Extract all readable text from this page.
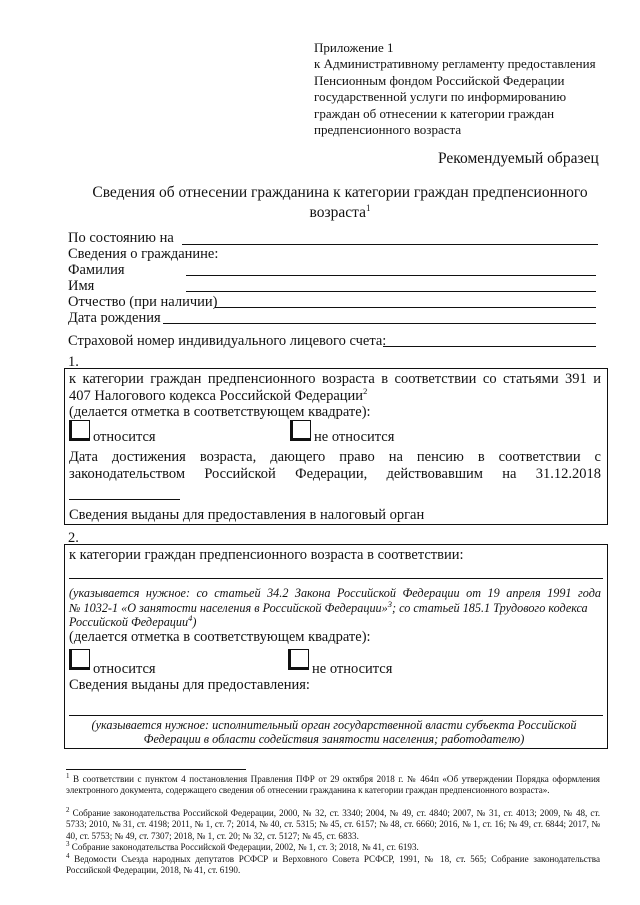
Приложение 1
к Административному регламенту предоставления
Пенсионным фондом Российской Федерации
государственной услуги по информированию
граждан об отнесении к категории граждан
предпенсионного возраста
Рекомендуемый образец
Сведения об отнесении гражданина к категории граждан предпенсионного
возраста$^1$
По состоянию на
Сведения о гражданине:
Фамилия
Имя
Отчество (при наличии)
Дата рождения
Страховой номер индивидуального лицевого счета:
1.
к категории граждан предпенсионного возраста в соответствии со статьями 391 и
407 Налогового кодекса Российской Федерации$^2$
(делается отметка в соответствующем квадрате):
относится	не относится
Дата достижения возраста, дающего право на пенсию в соответствии с
законодательством Российской Федерации, действовавшим на 31.12.2018
Сведения выданы для предоставления в налоговый орган
2.
к категории граждан предпенсионного возраста в соответствии:
(указывается нужное: со статьей 34.2 Закона Российской Федерации от 19 апреля 1991 года
№ 1032-1 «О занятости населения в Российской Федерации»$^3$; со статьей 185.1 Трудового кодекса
Российской Федерации$^4$)
(делается отметка в соответствующем квадрате):
относится	не относится
Сведения выданы для предоставления:
(указывается нужное: исполнительный орган государственной власти субъекта Российской
Федерации в области содействия занятости населения; работодателю)
$^1$ В соответствии с пунктом 4 постановления Правления ПФР от 29 октября 2018 г. № 464п «Об утверждении Порядка оформления электронного документа, содержащего сведения об отнесении гражданина к категории граждан предпенсионного возраста».
$^2$ Собрание законодательства Российской Федерации, 2000, № 32, ст. 3340; 2004, № 49, ст. 4840; 2007, № 31, ст. 4013; 2009, № 48, ст. 5733; 2010, № 31, ст. 4198; 2011, № 1, ст. 7; 2014, № 40, ст. 5315; № 45, ст. 6157; № 48, ст. 6660; 2016, № 1, ст. 16; № 49, ст. 6844; 2017, № 40, ст. 5753; № 49, ст. 7307; 2018, № 1, ст. 20; № 32, ст. 5127; № 45, ст. 6833.
$^3$ Собрание законодательства Российской Федерации, 2002, № 1, ст. 3; 2018, № 41, ст. 6193.
$^4$ Ведомости Съезда народных депутатов РСФСР и Верховного Совета РСФСР, 1991, № 18, ст. 565; Собрание законодательства Российской Федерации, 2018, № 41, ст. 6190.
